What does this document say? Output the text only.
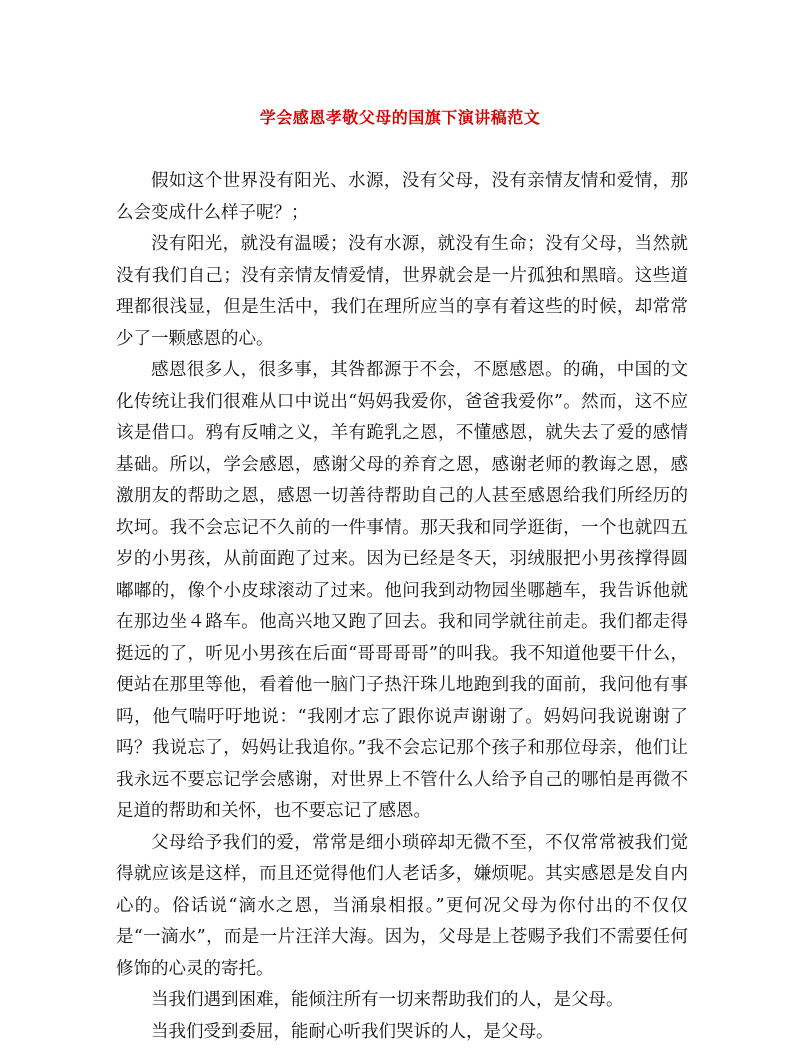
学会感恩孝敬父母的国旗下演讲稿范文

假如这个世界没有阳光、水源，没有父母，没有亲情友情和爱情，那么会变成什么样子呢？；

没有阳光，就没有温暖；没有水源，就没有生命；没有父母，当然就没有我们自己；没有亲情友情爱情，世界就会是一片孤独和黑暗。这些道理都很浅显，但是生活中，我们在理所应当的享有着这些的时候，却常常少了一颗感恩的心。

感恩很多人，很多事，其咎都源于不会，不愿感恩。的确，中国的文化传统让我们很难从口中说出“妈妈我爱你，爸爸我爱你”。然而，这不应该是借口。鸦有反哺之义，羊有跪乳之恩，不懂感恩，就失去了爱的感情基础。所以，学会感恩，感谢父母的养育之恩，感谢老师的教诲之恩，感激朋友的帮助之恩，感恩一切善待帮助自己的人甚至感恩给我们所经历的坎坷。我不会忘记不久前的一件事情。那天我和同学逛街，一个也就四五岁的小男孩，从前面跑了过来。因为已经是冬天，羽绒服把小男孩撑得圆嘟嘟的，像个小皮球滚动了过来。他问我到动物园坐哪趟车，我告诉他就在那边坐４路车。他高兴地又跑了回去。我和同学就往前走。我们都走得挺远的了，听见小男孩在后面“哥哥哥哥”的叫我。我不知道他要干什么，便站在那里等他，看着他一脑门子热汗珠儿地跑到我的面前，我问他有事吗，他气喘吁吁地说：“我刚才忘了跟你说声谢谢了。妈妈问我说谢谢了吗？我说忘了，妈妈让我追你。”我不会忘记那个孩子和那位母亲，他们让我永远不要忘记学会感谢，对世界上不管什么人给予自己的哪怕是再微不足道的帮助和关怀，也不要忘记了感恩。

父母给予我们的爱，常常是细小琐碎却无微不至，不仅常常被我们觉得就应该是这样，而且还觉得他们人老话多，嫌烦呢。其实感恩是发自内心的。俗话说“滴水之恩，当涌泉相报。”更何况父母为你付出的不仅仅是“一滴水”，而是一片汪洋大海。因为，父母是上苍赐予我们不需要任何修饰的心灵的寄托。

当我们遇到困难，能倾注所有一切来帮助我们的人，是父母。

当我们受到委屈，能耐心听我们哭诉的人，是父母。
